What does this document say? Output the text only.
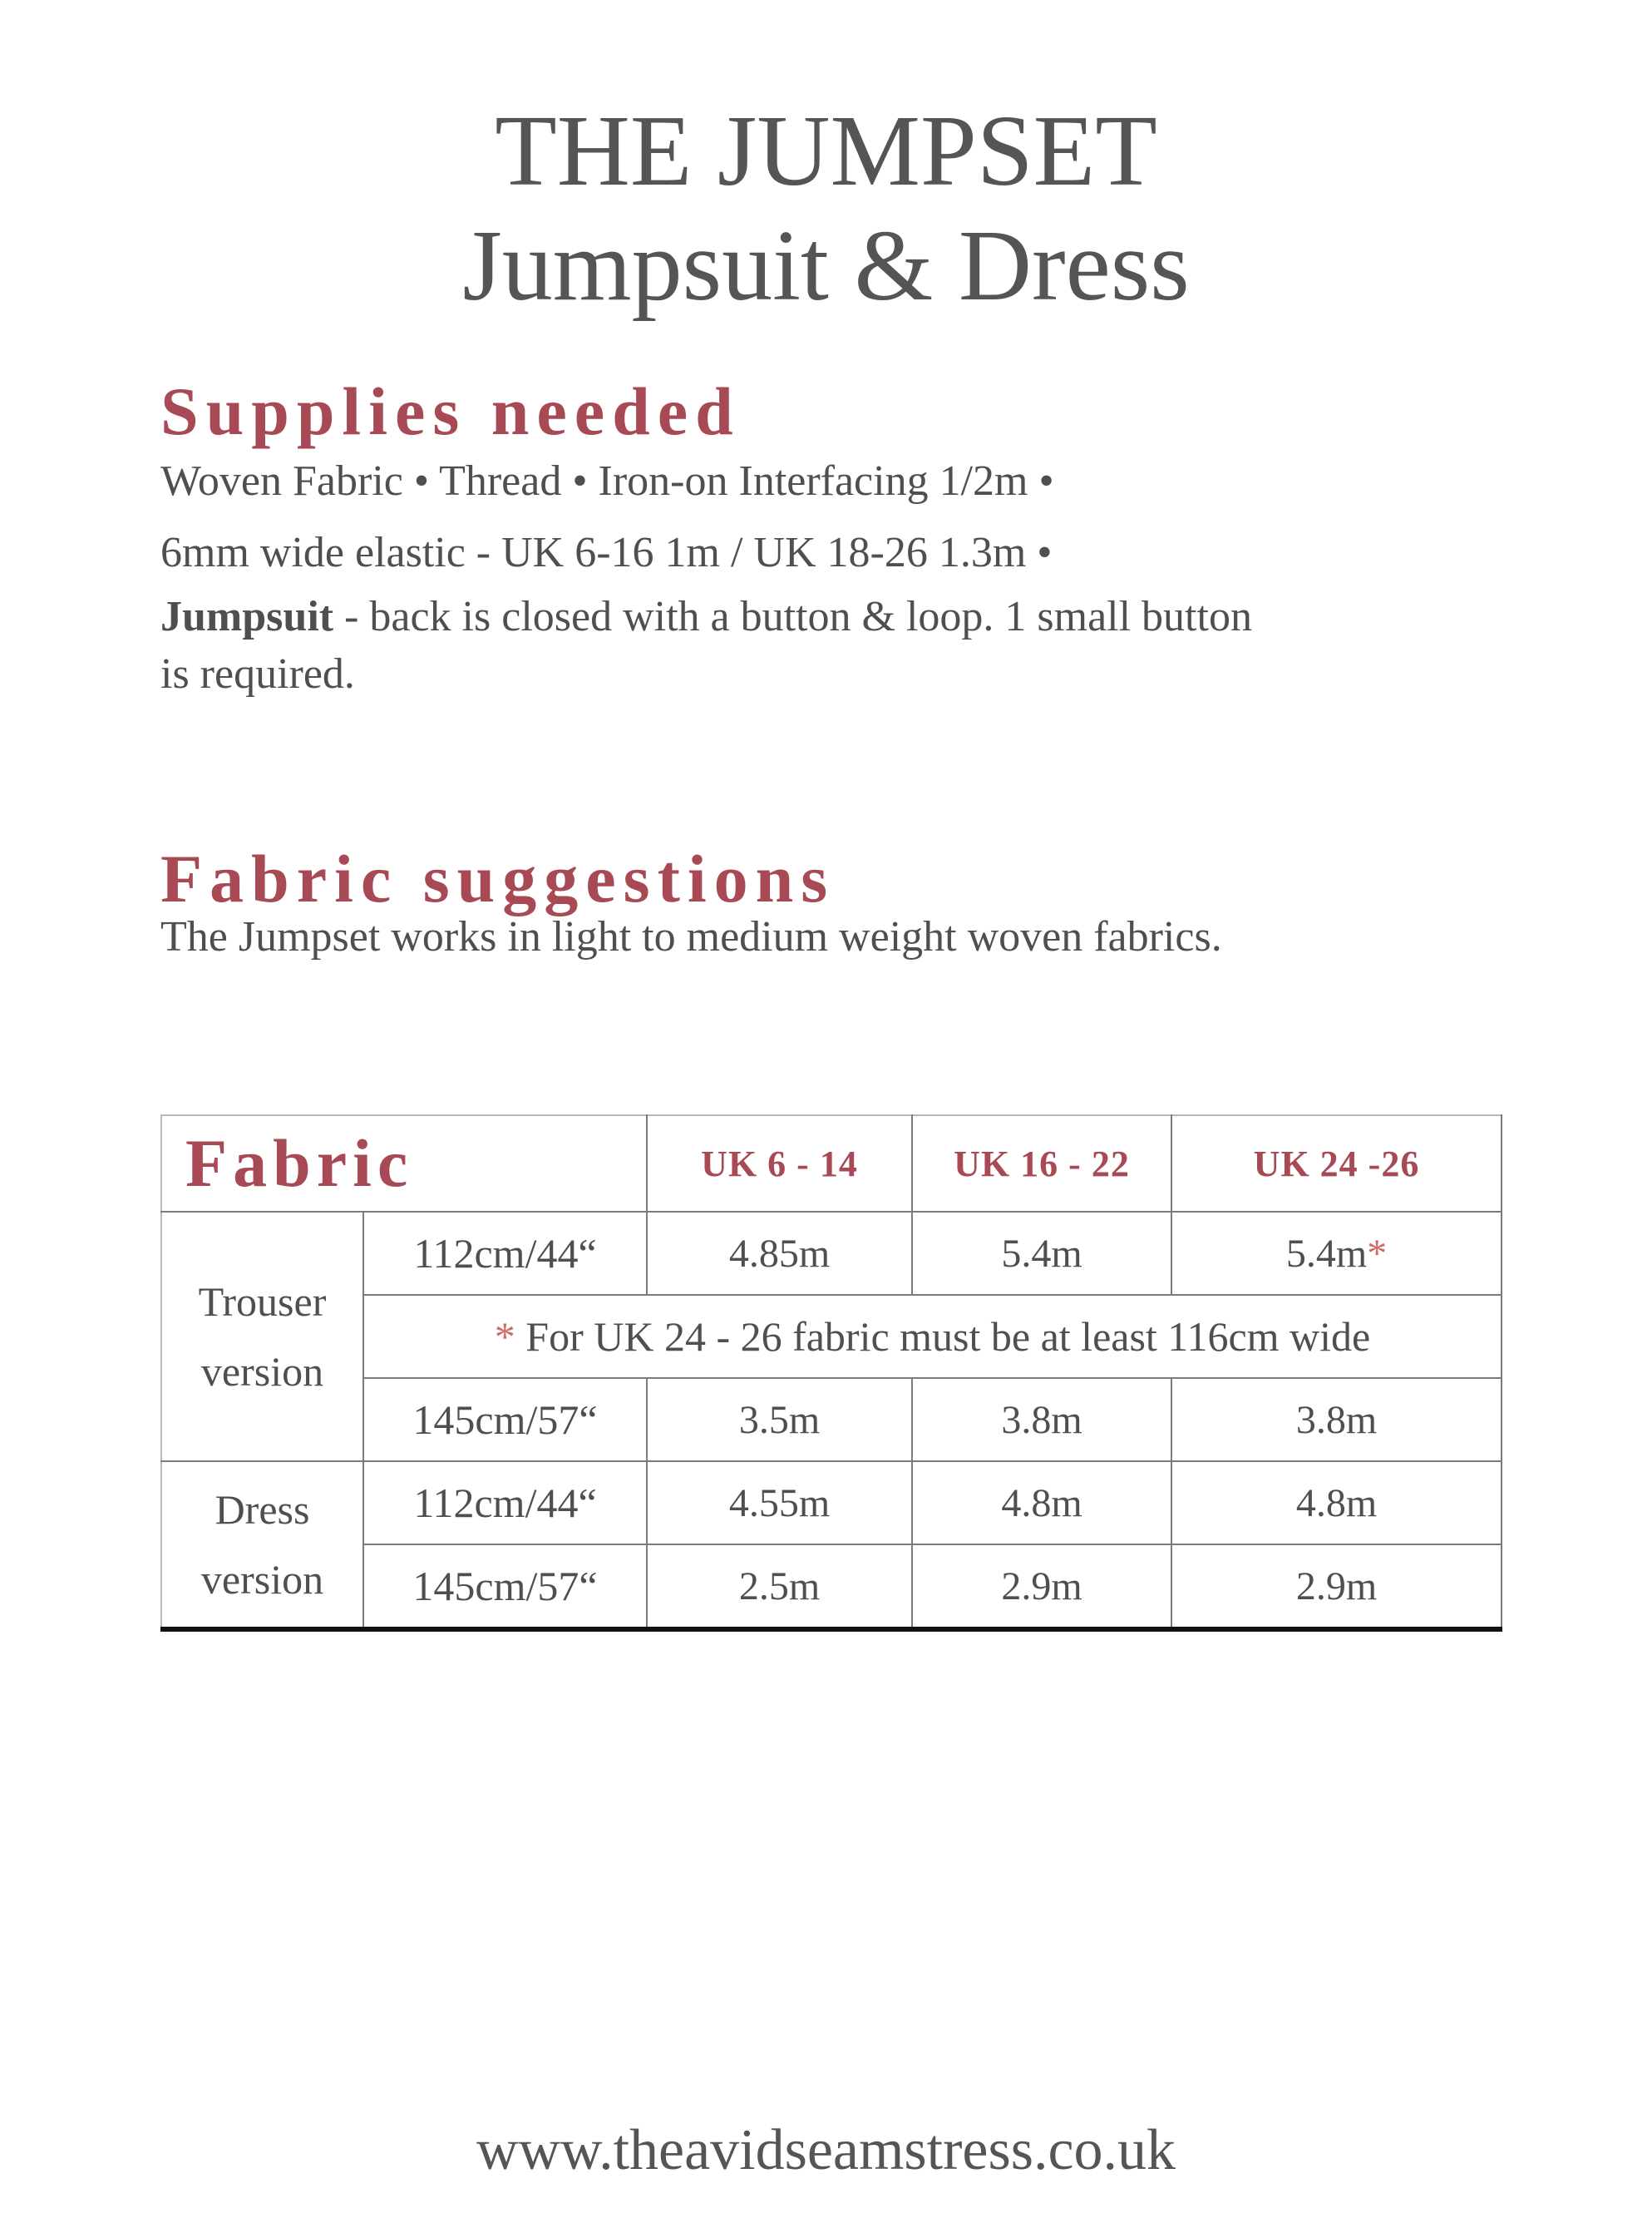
THE JUMPSET
Jumpsuit & Dress
Supplies needed
Woven Fabric • Thread • Iron-on Interfacing 1/2m •
6mm wide elastic - UK 6-16 1m / UK 18-26 1.3m •
Jumpsuit - back is closed with a button & loop. 1 small button
is required.
Fabric suggestions
The Jumpset works in light to medium weight woven fabrics.
Fabric		UK 6 - 14	UK 16 - 22	UK 24 -26
Trouser
version	112cm/44“	4.85m	5.4m	5.4m*
	* For UK 24 - 26 fabric must be at least 116cm wide			
	145cm/57“	3.5m	3.8m	3.8m
Dress
version	112cm/44“	4.55m	4.8m	4.8m
	145cm/57“	2.5m	2.9m	2.9m
www.theavidseamstress.co.uk
